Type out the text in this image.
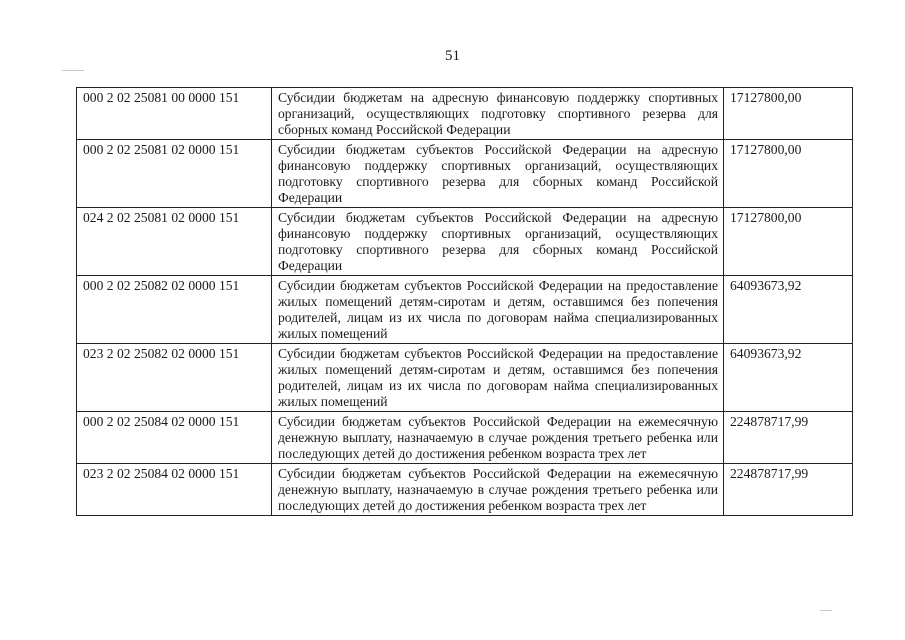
51
000 2 02 25081 00 0000 151	Субсидии бюджетам на адресную финансовую поддержку спортивных организаций, осуществляющих подготовку спортивного резерва для сборных команд Российской Федерации	17127800,00
000 2 02 25081 02 0000 151	Субсидии бюджетам субъектов Российской Федерации на адресную финансовую поддержку спортивных организаций, осуществляющих подготовку спортивного резерва для сборных команд Российской Федерации	17127800,00
024 2 02 25081 02 0000 151	Субсидии бюджетам субъектов Российской Федерации на адресную финансовую поддержку спортивных организаций, осуществляющих подготовку спортивного резерва для сборных команд Российской Федерации	17127800,00
000 2 02 25082 02 0000 151	Субсидии бюджетам субъектов Российской Федерации на предоставление жилых помещений детям-сиротам и детям, оставшимся без попечения родителей, лицам из их числа по договорам найма специализированных жилых помещений	64093673,92
023 2 02 25082 02 0000 151	Субсидии бюджетам субъектов Российской Федерации на предоставление жилых помещений детям-сиротам и детям, оставшимся без попечения родителей, лицам из их числа по договорам найма специализированных жилых помещений	64093673,92
000 2 02 25084 02 0000 151	Субсидии бюджетам субъектов Российской Федерации на ежемесячную денежную выплату, назначаемую в случае рождения третьего ребенка или последующих детей до достижения ребенком возраста трех лет	224878717,99
023 2 02 25084 02 0000 151	Субсидии бюджетам субъектов Российской Федерации на ежемесячную денежную выплату, назначаемую в случае рождения третьего ребенка или последующих детей до достижения ребенком возраста трех лет	224878717,99
